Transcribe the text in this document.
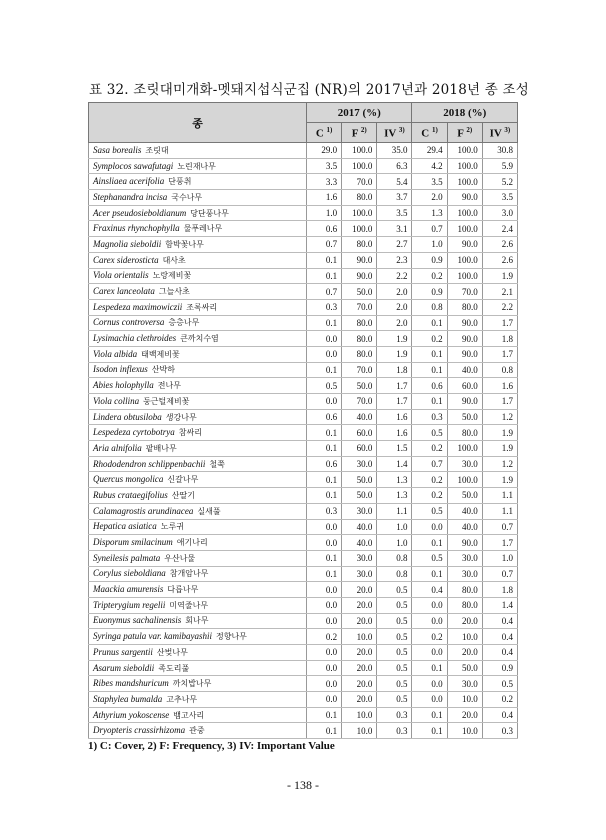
표 32. 조릿대미개화-멧돼지섭식군집 (NR)의 2017년과 2018년 종 조성
종	2017 (%)			2018 (%)		
	C $^{1)}$	F $^{2)}$	IV $^{3)}$	C $^{1)}$	F $^{2)}$	IV $^{3)}$
Sasa borealis 조릿대	29.0	100.0	35.0	29.4	100.0	30.8
Symplocos sawafutagi 노린재나무	3.5	100.0	6.3	4.2	100.0	5.9
Ainsliaea acerifolia 단풍취	3.3	70.0	5.4	3.5	100.0	5.2
Stephanandra incisa 국수나무	1.6	80.0	3.7	2.0	90.0	3.5
Acer pseudosieboldianum 당단풍나무	1.0	100.0	3.5	1.3	100.0	3.0
Fraxinus rhynchophylla 물푸레나무	0.6	100.0	3.1	0.7	100.0	2.4
Magnolia sieboldii 함박꽃나무	0.7	80.0	2.7	1.0	90.0	2.6
Carex siderosticta 대사초	0.1	90.0	2.3	0.9	100.0	2.6
Viola orientalis 노랑제비꽃	0.1	90.0	2.2	0.2	100.0	1.9
Carex lanceolata 그늘사초	0.7	50.0	2.0	0.9	70.0	2.1
Lespedeza maximowiczii 조록싸리	0.3	70.0	2.0	0.8	80.0	2.2
Cornus controversa 층층나무	0.1	80.0	2.0	0.1	90.0	1.7
Lysimachia clethroides 큰까치수염	0.0	80.0	1.9	0.2	90.0	1.8
Viola albida 태백제비꽃	0.0	80.0	1.9	0.1	90.0	1.7
Isodon inflexus 산박하	0.1	70.0	1.8	0.1	40.0	0.8
Abies holophylla 전나무	0.5	50.0	1.7	0.6	60.0	1.6
Viola collina 둥근털제비꽃	0.0	70.0	1.7	0.1	90.0	1.7
Lindera obtusiloba 생강나무	0.6	40.0	1.6	0.3	50.0	1.2
Lespedeza cyrtobotrya 참싸리	0.1	60.0	1.6	0.5	80.0	1.9
Aria alnifolia 팥배나무	0.1	60.0	1.5	0.2	100.0	1.9
Rhododendron schlippenbachii 철쭉	0.6	30.0	1.4	0.7	30.0	1.2
Quercus mongolica 신갈나무	0.1	50.0	1.3	0.2	100.0	1.9
Rubus crataegifolius 산딸기	0.1	50.0	1.3	0.2	50.0	1.1
Calamagrostis arundinacea 실새풀	0.3	30.0	1.1	0.5	40.0	1.1
Hepatica asiatica 노루귀	0.0	40.0	1.0	0.0	40.0	0.7
Disporum smilacinum 애기나리	0.0	40.0	1.0	0.1	90.0	1.7
Syneilesis palmata 우산나물	0.1	30.0	0.8	0.5	30.0	1.0
Corylus sieboldiana 참개암나무	0.1	30.0	0.8	0.1	30.0	0.7
Maackia amurensis 다릅나무	0.0	20.0	0.5	0.4	80.0	1.8
Tripterygium regelii 미역줄나무	0.0	20.0	0.5	0.0	80.0	1.4
Euonymus sachalinensis 회나무	0.0	20.0	0.5	0.0	20.0	0.4
Syringa patula var. kamibayashii 정향나무	0.2	10.0	0.5	0.2	10.0	0.4
Prunus sargentii 산벚나무	0.0	20.0	0.5	0.0	20.0	0.4
Asarum sieboldii 족도리풀	0.0	20.0	0.5	0.1	50.0	0.9
Ribes mandshuricum 까치밥나무	0.0	20.0	0.5	0.0	30.0	0.5
Staphylea bumalda 고추나무	0.0	20.0	0.5	0.0	10.0	0.2
Athyrium yokoscense 뱀고사리	0.1	10.0	0.3	0.1	20.0	0.4
Dryopteris crassirhizoma 관중	0.1	10.0	0.3	0.1	10.0	0.3
1) C: Cover, 2) F: Frequency, 3) IV: Important Value
- 138 -
